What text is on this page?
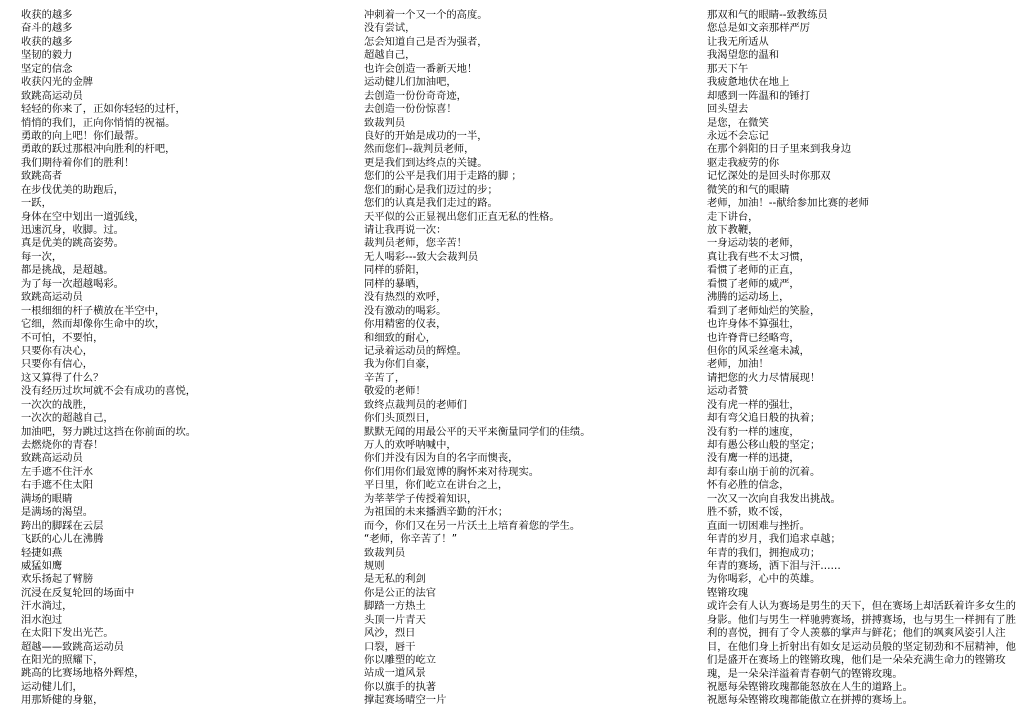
收获的越多
奋斗的越多
收获的越多
坚韧的毅力
坚定的信念
收获闪光的金牌
致跳高运动员
轻轻的你来了，正如你轻轻的过杆，
悄悄的我们，正向你悄悄的祝福。
勇敢的向上吧！你们最帮。
勇敢的跃过那根冲向胜利的杆吧，
我们期待着你们的胜利！
致跳高者
在步伐优美的助跑后，
一跃，
身体在空中划出一道弧线，
迅速沉身，收脚。过。
真是优美的跳高姿势。
每一次，
都是挑战，是超越。
为了每一次超越喝彩。
致跳高运动员
一根细细的杆子横放在半空中，
它细，然而却像你生命中的坎，
不可怕，不要怕，
只要你有决心，
只要你有信心，
这又算得了什么？
没有经历过坎坷就不会有成功的喜悦，
一次次的战胜，
一次次的超越自己，
加油吧，努力跳过这挡在你前面的坎。
去燃烧你的青春！
致跳高运动员
左手遮不住汗水
右手遮不住太阳
满场的眼睛
是满场的渴望。
跨出的脚踩在云层
飞跃的心儿在沸腾
轻捷如燕
威猛如鹰
欢乐扬起了臂膀
沉浸在反复轮回的场面中
汗水淌过，
泪水泡过
在太阳下发出光芒。
超越——致跳高运动员
在阳光的照耀下，
跳高的比赛场地格外辉煌，
运动健儿们，
用那矫健的身躯，
冲刺着一个又一个的高度。
没有尝试，
怎会知道自己是否为强者，
超越自己，
也许会创造一番新天地！
运动健儿们加油吧，
去创造一份份奇奇迹，
去创造一份份惊喜！
致裁判员
良好的开始是成功的一半，
然而您们--裁判员老师，
更是我们到达终点的关键。
您们的公平是我们用于走路的脚 ；
您们的耐心是我们迈过的步；
您们的认真是我们走过的路。
天平似的公正显视出您们正直无私的性格。
请让我再说一次：
裁判员老师，您辛苦！
无人喝彩---致大会裁判员
同样的骄阳，
同样的暴晒，
没有热烈的欢呼，
没有激动的喝彩。
你用精密的仪表，
和细致的耐心，
记录着运动员的辉煌。
我为你们自豪，
辛苦了，
敬爱的老师！
致终点裁判员的老师们
你们头顶烈日，
默默无闻的用最公平的天平来衡量同学们的佳绩。
万人的欢呼呐喊中，
你们并没有因为自的名字而懊丧，
你们用你们最宽博的胸怀来对待现实。
平日里，你们屹立在讲台之上，
为莘莘学子传授着知识，
为祖国的未来播洒辛勤的汗水；
而今，你们又在另一片沃土上培育着您的学生。
“老师，你辛苦了！”
致裁判员
规则
是无私的利剑
你是公正的法官
脚踏一方热土
头顶一片青天
风沙，烈日
口裂，唇干
你以雕塑的屹立
站成一道风景
你以旗手的执著
撑起赛场晴空一片
那双和气的眼睛--致教练员
您总是如文亲那样严厉
让我无所适从
我渴望您的温和
那天下午
我疲惫地伏在地上
却感到一阵温和的锤打
回头望去
是您，在微笑
永远不会忘记
在那个斜阳的日子里来到我身边
驱走我疲劳的你
记忆深处的是回头时你那双
微笑的和气的眼睛
老师，加油！--献给参加比赛的老师
走下讲台，
放下教鞭，
一身运动装的老师，
真让我有些不太习惯，
看惯了老师的正直，
看惯了老师的威严，
沸腾的运动场上，
看到了老师灿烂的笑脸，
也许身体不算强壮，
也许脊背已经略弯，
但你的风采丝毫未减，
老师，加油！
请把您的火力尽情展现！
运动者赞
没有虎一样的强壮，
却有弯父追日般的执着；
没有豹一样的速度，
却有愚公移山般的坚定；
没有鹰一样的迅捷，
却有泰山崩于前的沉着。
怀有必胜的信念，
一次又一次向自我发出挑战。
胜不骄，败不馁，
直面一切困难与挫折。
年青的岁月，我们追求卓越；
年青的我们，拥抱成功；
年青的赛场，洒下泪与汗……
为你喝彩，心中的英雄。
铿锵玫瑰
或许会有人认为赛场是男生的天下，但在赛场上却活跃着许多女生的身影。他们与男生一样驰骋赛场，拼搏赛场，也与男生一样拥有了胜利的喜悦，拥有了令人羡慕的掌声与鲜花；他们的飒爽风姿引人注目，在他们身上折射出有如女足运动员般的坚定韧劲和不屈精神，他们是盛开在赛场上的铿锵玫瑰，他们是一朵朵充满生命力的铿锵玫瑰，是一朵朵洋溢着青春朝气的铿锵玫瑰。
祝愿每朵铿锵玫瑰都能怒放在人生的道路上。
祝愿每朵铿锵玫瑰都能傲立在拼搏的赛场上。
